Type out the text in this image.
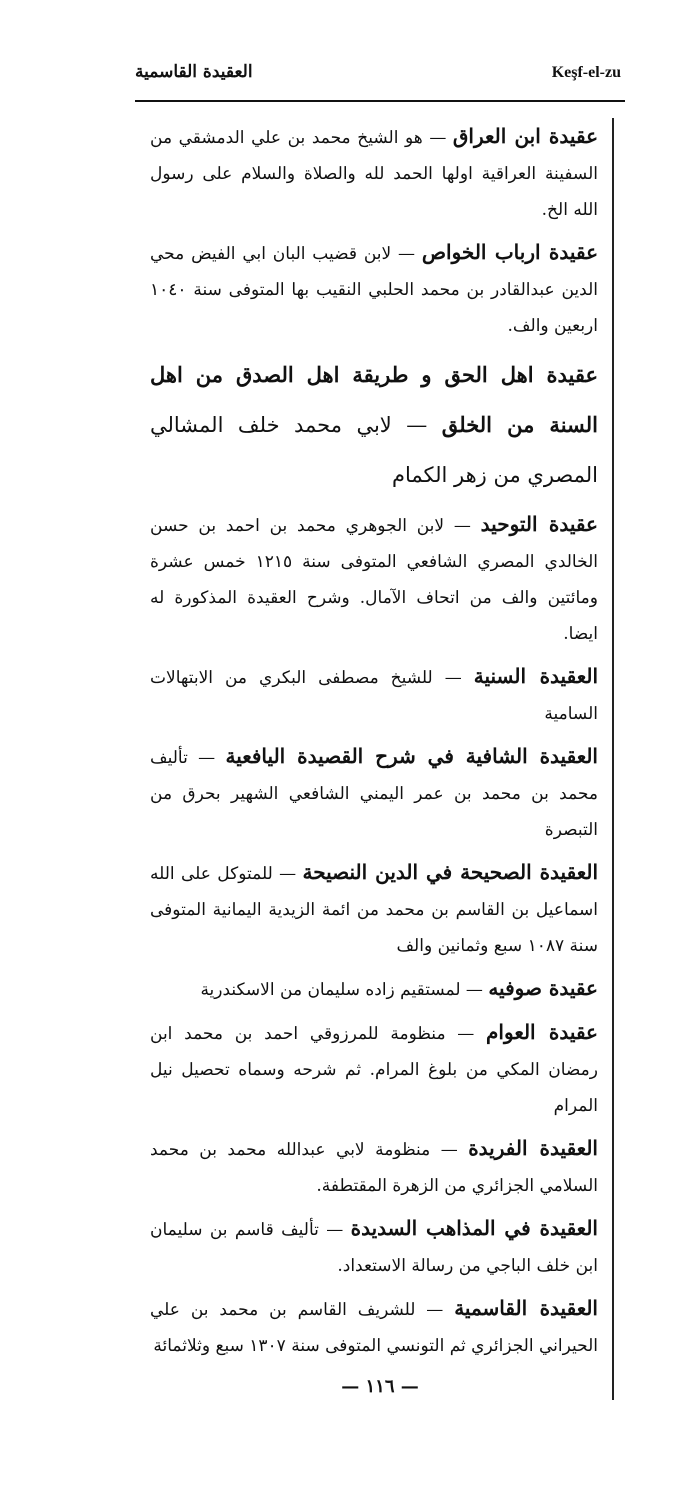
Keşf-el-zu
العقيدة القاسمية

عقيدة ابن العراق — هو الشيخ محمد بن علي الدمشقي من السفينة العراقية اولها الحمد لله والصلاة والسلام على رسول الله الخ.

عقيدة ارباب الخواص — لابن قضيب البان ابي الفيض محي الدين عبدالقادر بن محمد الحلبي النقيب بها المتوفى سنة ١٠٤٠ اربعين والف.

عقيدة اهل الحق و طريقة اهل الصدق من اهل السنة من الخلق — لابي محمد خلف المشالي المصري من زهر الكمام

عقيدة التوحيد — لابن الجوهري محمد بن احمد بن حسن الخالدي المصري الشافعي المتوفى سنة ١٢١٥ خمس عشرة ومائتين والف من اتحاف الآمال. وشرح العقيدة المذكورة له ايضا.

العقيدة السنية — للشيخ مصطفى البكري من الابتهالات السامية

العقيدة الشافية في شرح القصيدة اليافعية — تأليف محمد بن محمد بن عمر اليمني الشافعي الشهير بحرق من التبصرة

العقيدة الصحيحة في الدين النصيحة — للمتوكل على الله اسماعيل بن القاسم بن محمد من ائمة الزيدية اليمانية المتوفى سنة ١٠٨٧ سبع وثمانين والف

عقيدة صوفيه — لمستقيم زاده سليمان من الاسكندرية

عقيدة العوام — منظومة للمرزوقي احمد بن محمد ابن رمضان المكي من بلوغ المرام. ثم شرحه وسماه تحصيل نيل المرام

العقيدة الفريدة — منظومة لابي عبدالله محمد بن محمد السلامي الجزائري من الزهرة المقتطفة.

العقيدة في المذاهب السديدة — تأليف قاسم بن سليمان ابن خلف الباجي من رسالة الاستعداد.

العقيدة القاسمية — للشريف القاسم بن محمد بن علي الحيراني الجزائري ثم التونسي المتوفى سنة ١٣٠٧ سبع وثلاثمائة

— ١١٦ —
